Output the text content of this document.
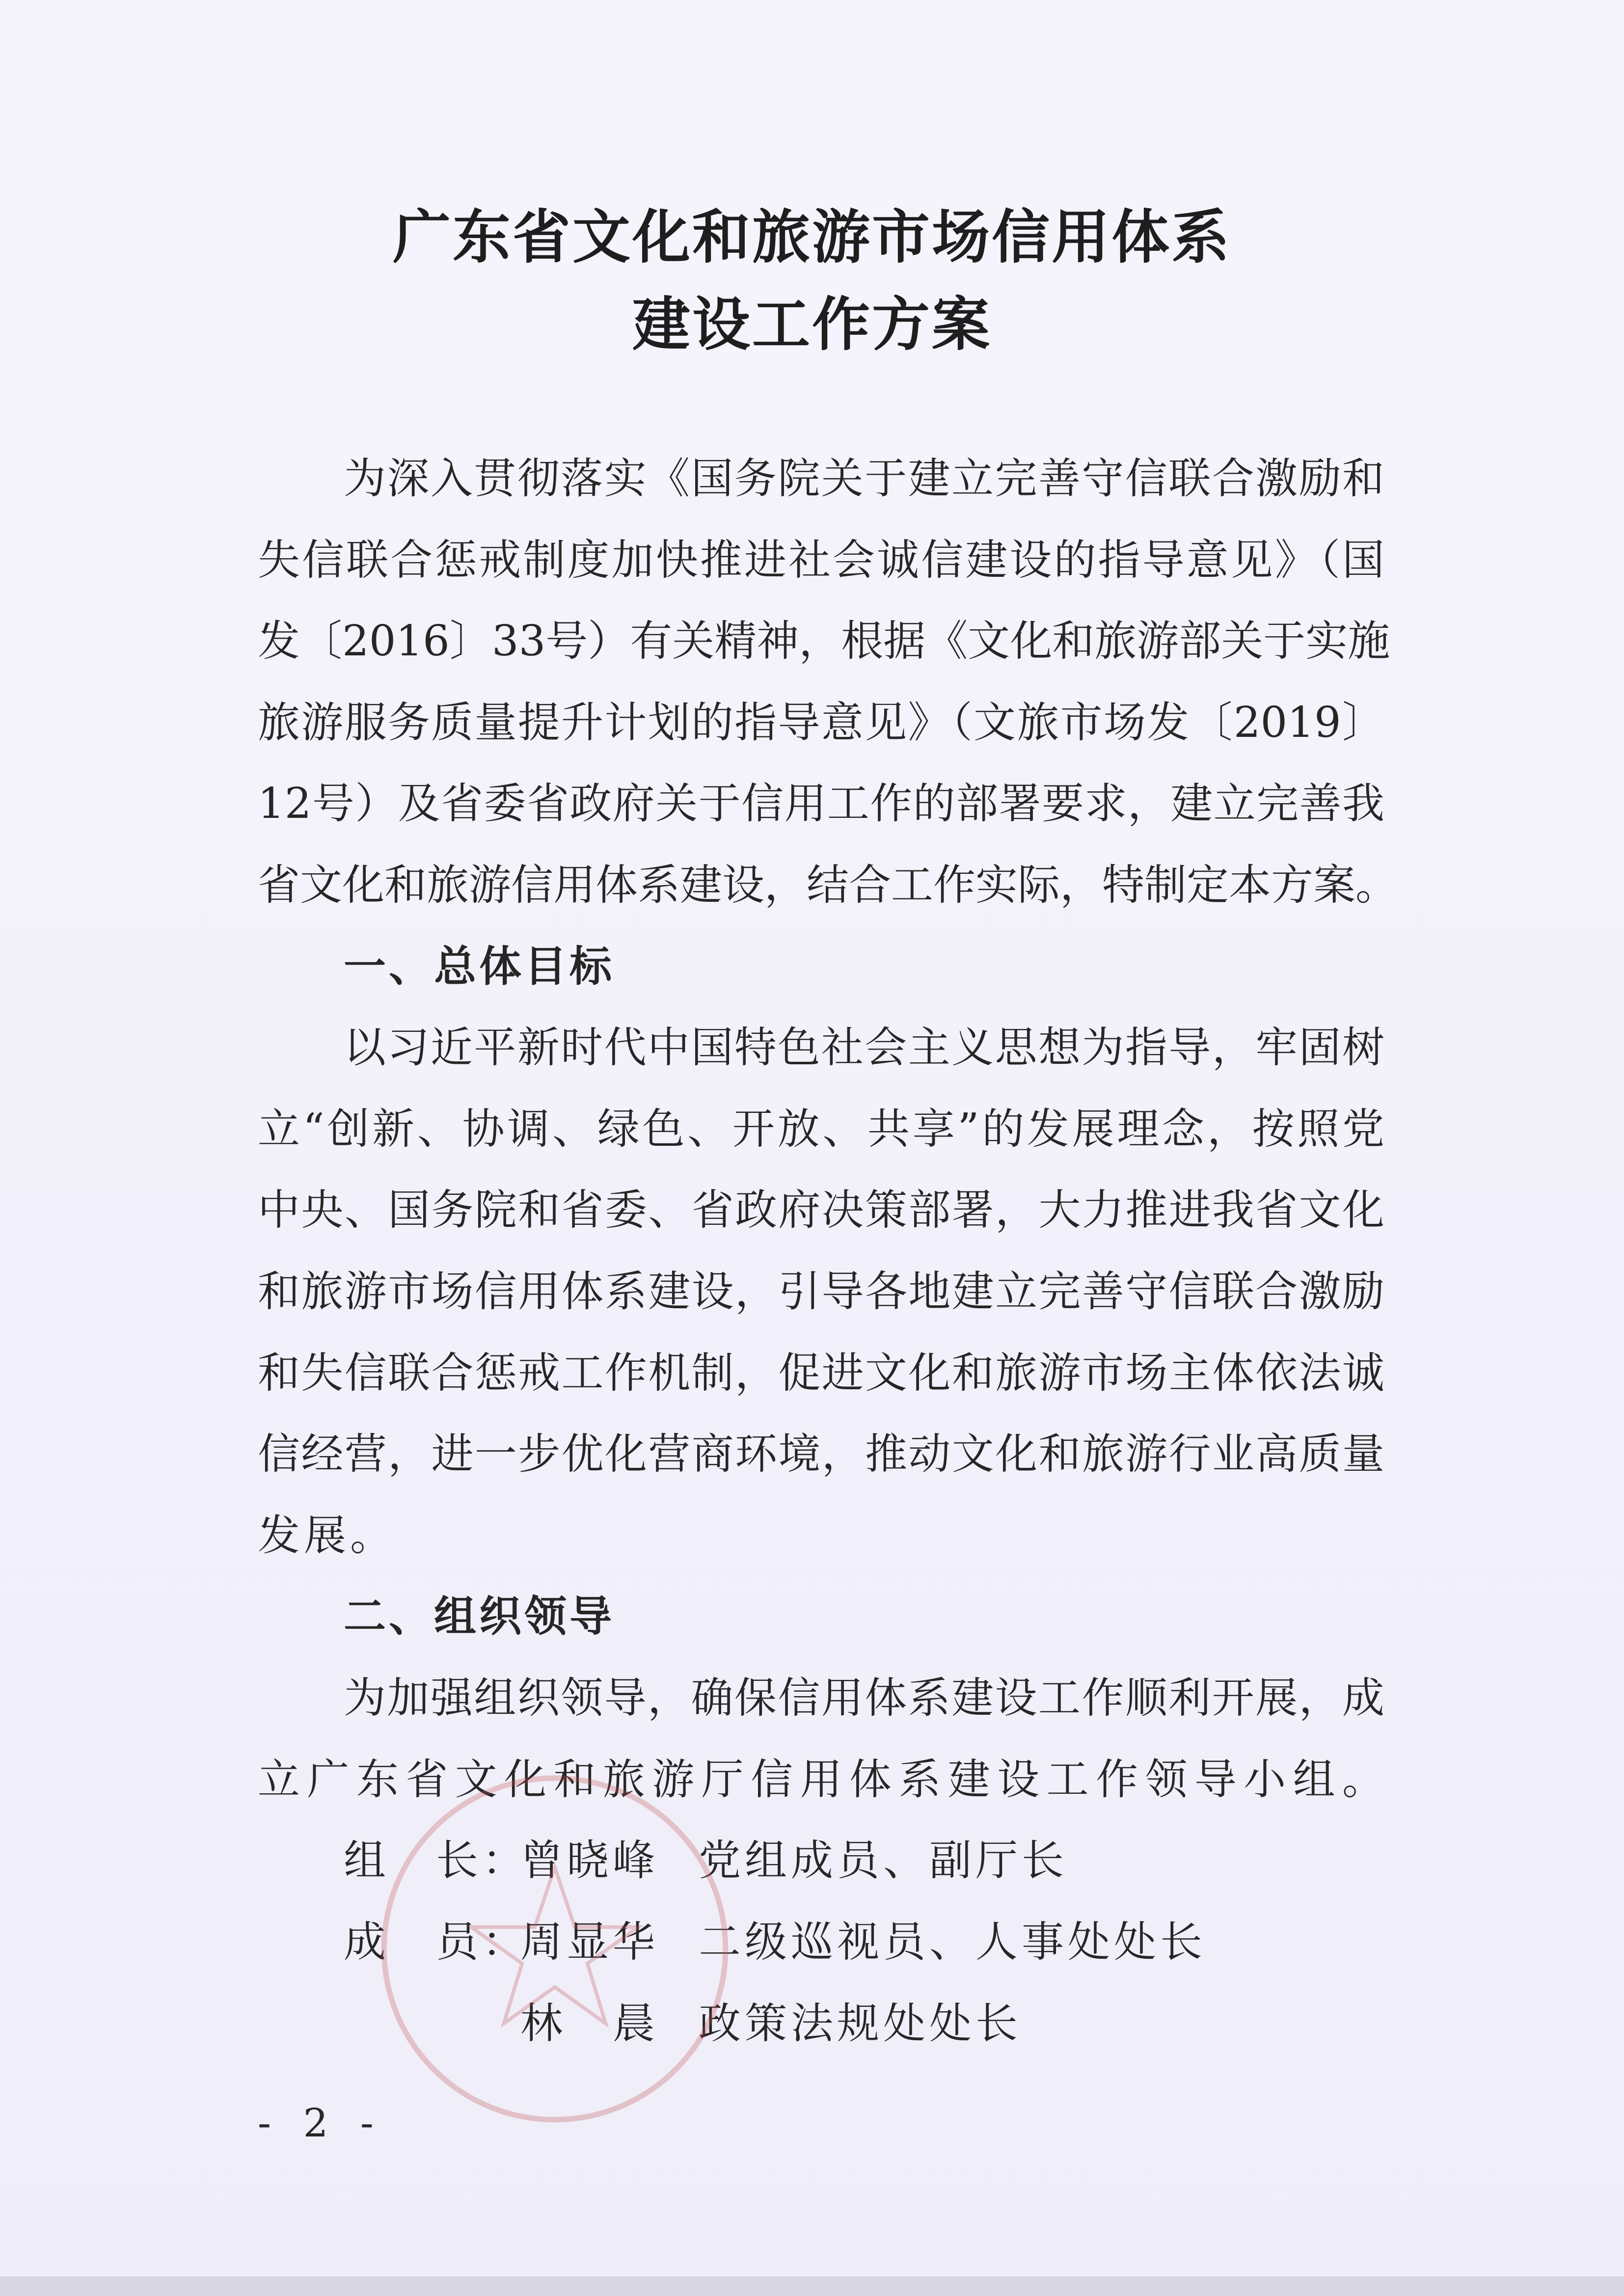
广东省文化和旅游市场信用体系
建设工作方案
为深入贯彻落实《国务院关于建立完善守信联合激励和
失信联合惩戒制度加快推进社会诚信建设的指导意见》（国
发〔2016〕33号）有关精神，根据《文化和旅游部关于实施
旅游服务质量提升计划的指导意见》（文旅市场发〔2019〕
12号）及省委省政府关于信用工作的部署要求，建立完善我
省文化和旅游信用体系建设，结合工作实际，特制定本方案。
一、总体目标
以习近平新时代中国特色社会主义思想为指导，牢固树
立“创新、协调、绿色、开放、共享”的发展理念，按照党
中央、国务院和省委、省政府决策部署，大力推进我省文化
和旅游市场信用体系建设，引导各地建立完善守信联合激励
和失信联合惩戒工作机制，促进文化和旅游市场主体依法诚
信经营，进一步优化营商环境，推动文化和旅游行业高质量
发展。
二、组织领导
为加强组织领导，确保信用体系建设工作顺利开展，成
立广东省文化和旅游厅信用体系建设工作领导小组。
组　长：
曾晓峰 党组成员、副厅长
成　员：
周显华 二级巡视员、人事处处长
林　晨 政策法规处处长
- 2 -
